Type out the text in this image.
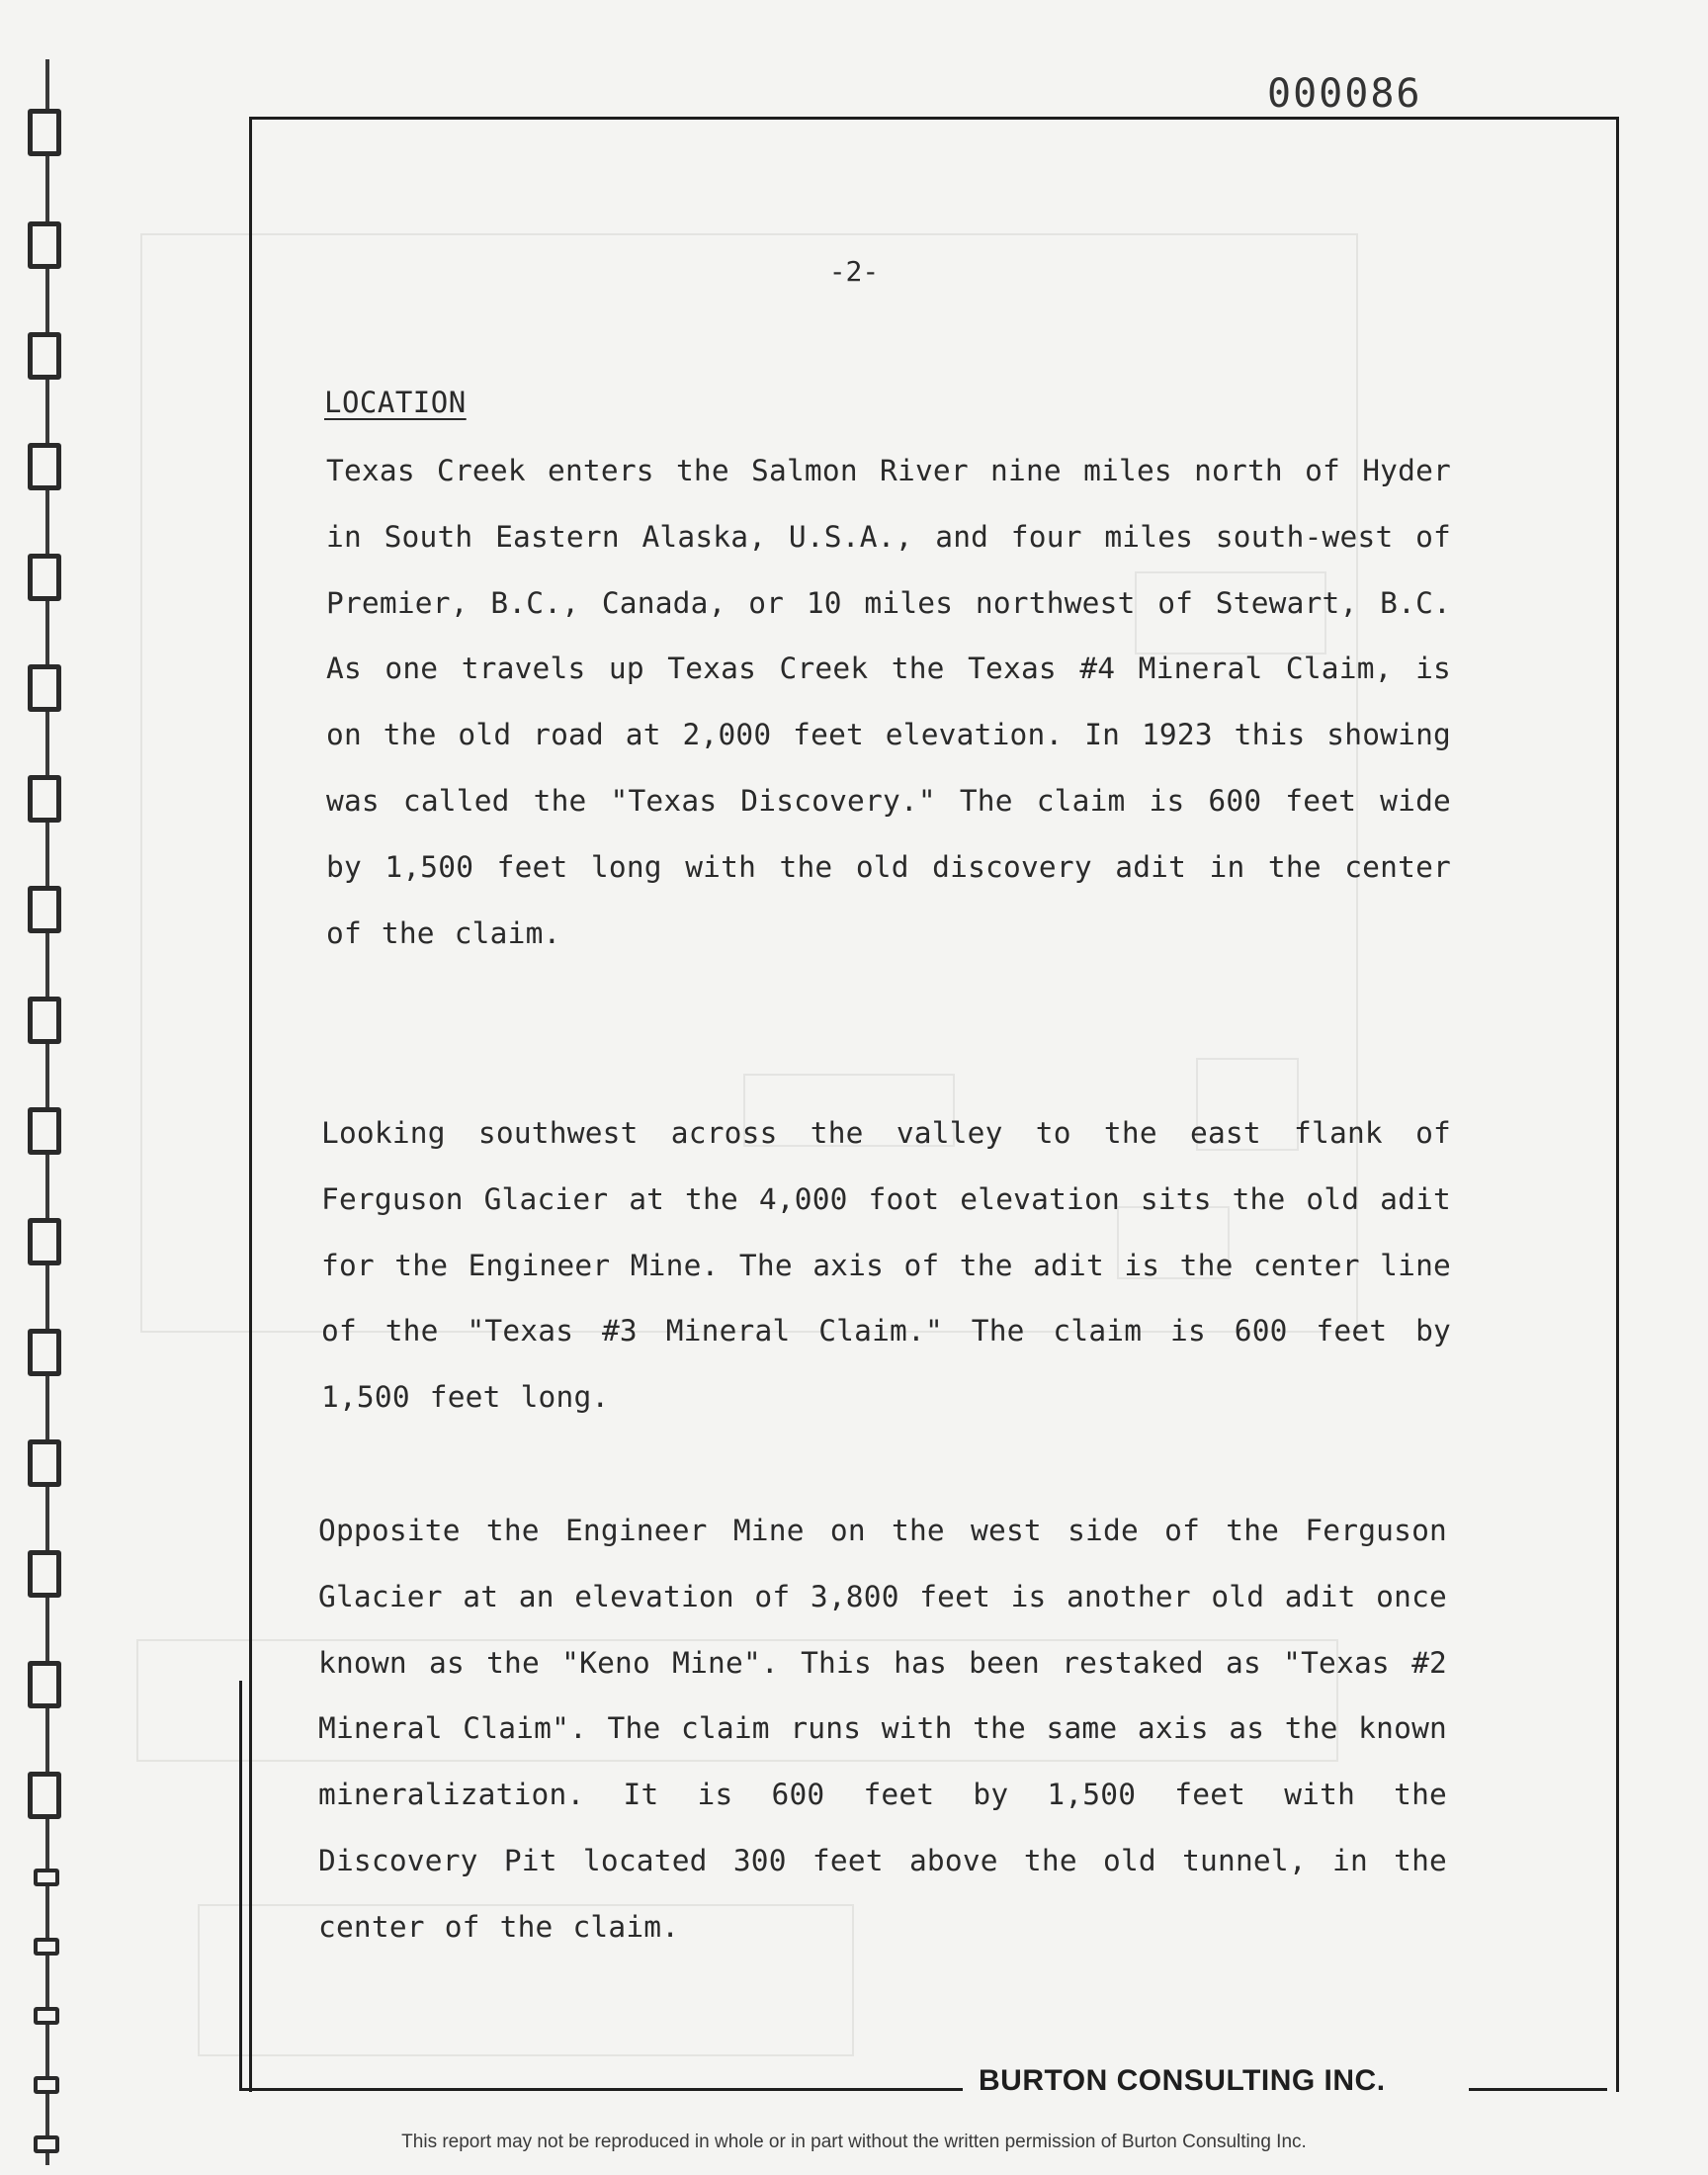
000086
-2-
LOCATION

Texas Creek enters the Salmon River nine miles north of Hyder in South Eastern Alaska, U.S.A., and four miles south-west of Premier, B.C., Canada, or 10 miles northwest of Stewart, B.C. As one travels up Texas Creek the Texas #4 Mineral Claim, is on the old road at 2,000 feet elevation. In 1923 this showing was called the "Texas Discovery." The claim is 600 feet wide by 1,500 feet long with the old discovery adit in the center of the claim.

Looking southwest across the valley to the east flank of Ferguson Glacier at the 4,000 foot elevation sits the old adit for the Engineer Mine. The axis of the adit is the center line of the "Texas #3 Mineral Claim." The claim is 600 feet by 1,500 feet long.

Opposite the Engineer Mine on the west side of the Ferguson Glacier at an elevation of 3,800 feet is another old adit once known as the "Keno Mine". This has been restaked as "Texas #2 Mineral Claim". The claim runs with the same axis as the known mineralization. It is 600 feet by 1,500 feet with the Discovery Pit located 300 feet above the old tunnel, in the center of the claim.

BURTON CONSULTING INC.
This report may not be reproduced in whole or in part without the written permission of Burton Consulting Inc.
